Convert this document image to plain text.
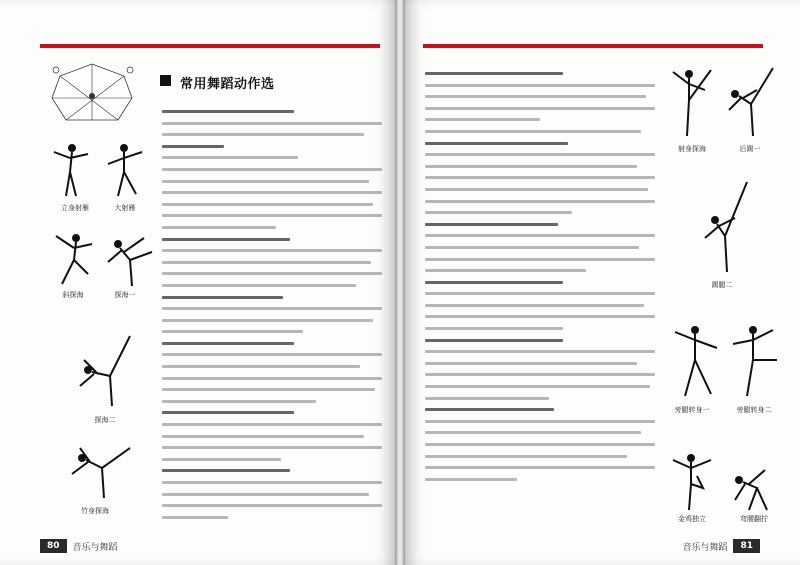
常用舞蹈动作选
立身射雁	大射雁
斜探海	探海一
探海二
竹身探海
80	音乐与舞蹈
射身探海	后踢一
踢腿二
旁腿转身一	旁腿转身二
金鸡独立	弯腰翻拧
音乐与舞蹈	81
